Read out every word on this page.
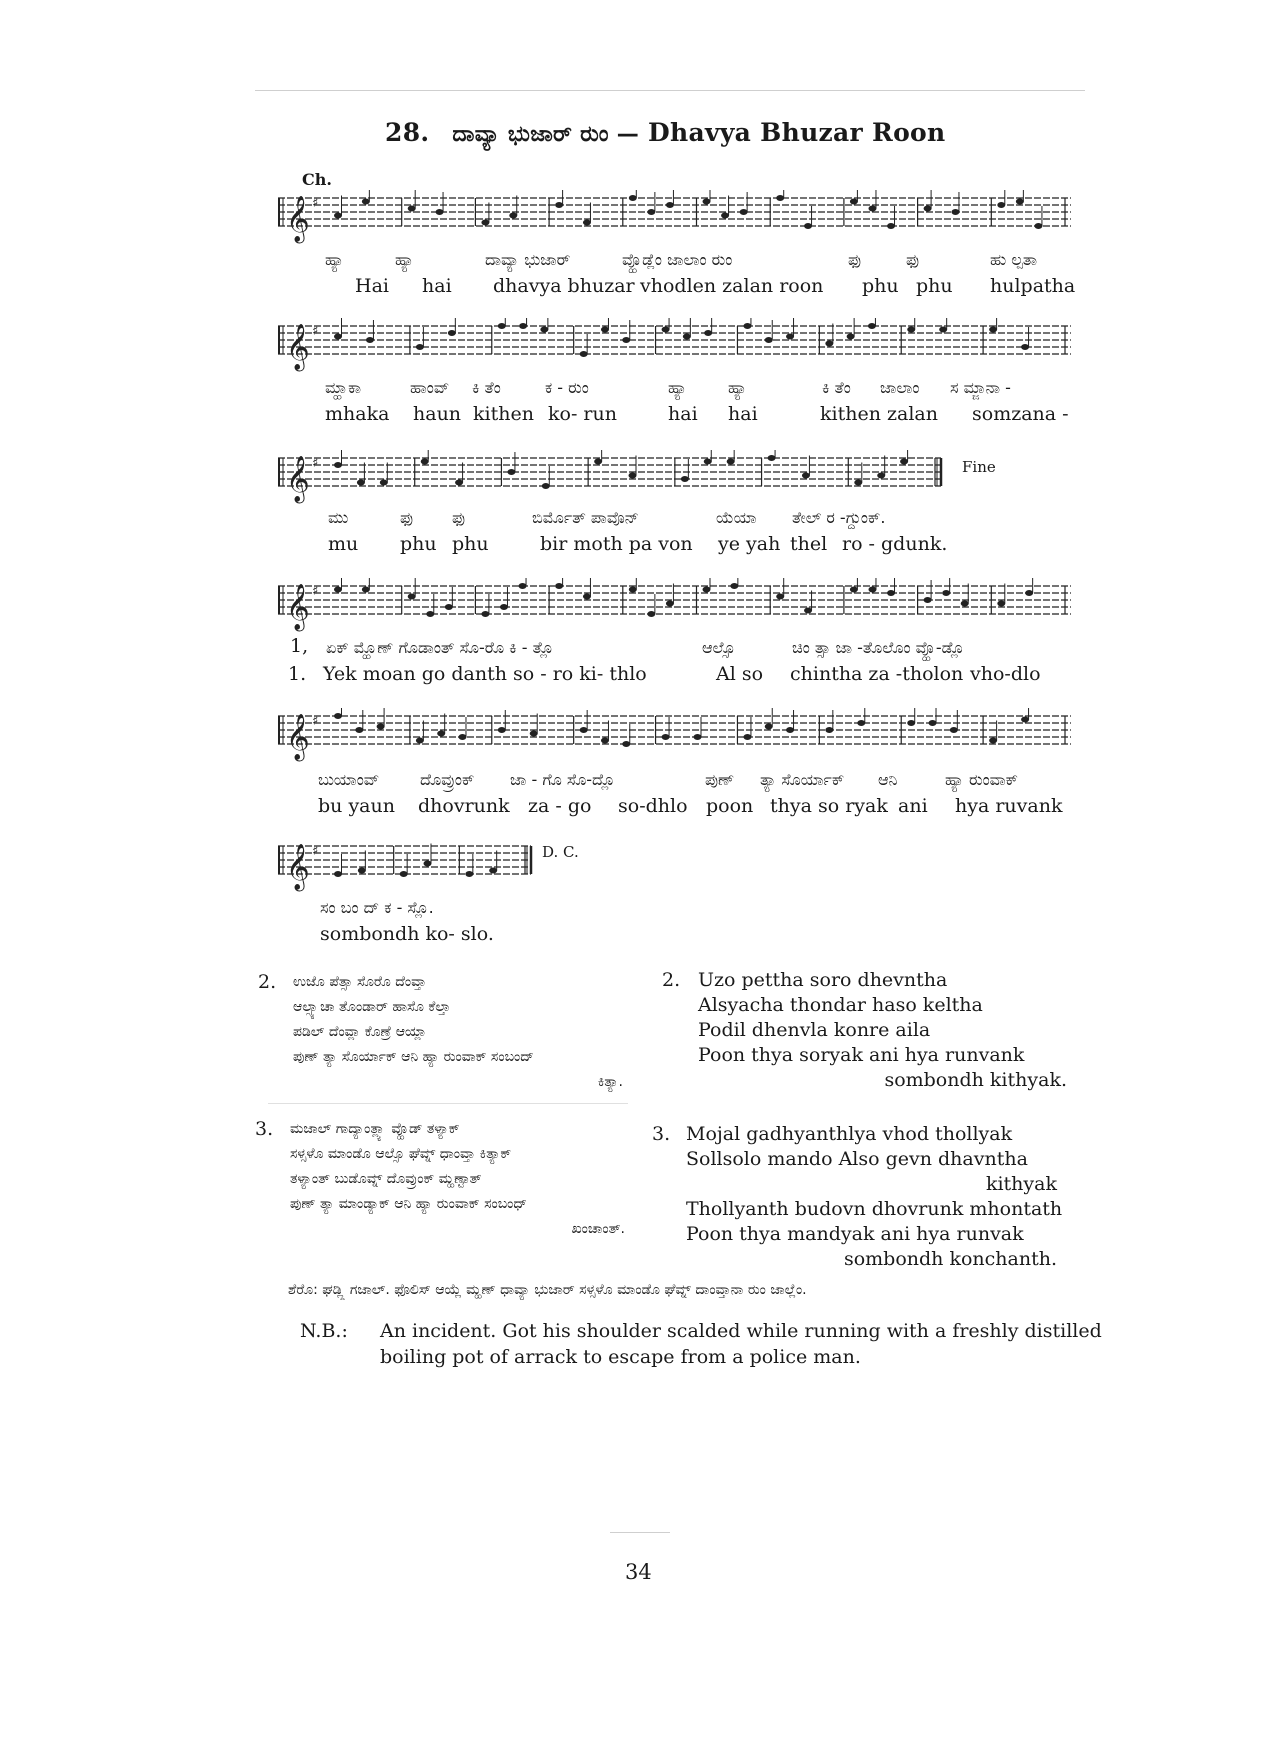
28. ದಾವ್ಯಾ ಭುಜಾರ್ ರುಂ — Dhavya Bhuzar Roon
Ch.
𝄞 ♯
𝄞 ♯
𝄞 ♯
𝄞 ♯
𝄞 ♯
𝄞 ♯
ಹ್ಯಾ	ಹ್ಯಾ	ದಾವ್ಯಾ ಭುಜಾರ್	ವ್ಹೊಡ್ಲೆಂ ಜಾಲಾಂ ರುಂ	ಫು	ಫು	ಹು ಲ್ಪತಾ
Hai hai dhavya bhuzar vhodlen zalan roon phu phu hulpatha
ಮ್ಹಾಕಾ	ಹಾಂವ್ ಕಿ ತೆಂ	ಕ - ರುಂ	ಹ್ಯಾ	ಹ್ಯಾ	ಕಿ ತೆಂ ಜಾಲಾಂ ಸ ಮ್ಜಾನಾ -
mhaka haun kithen ko- run	hai hai	kithen zalan somzana -
Fine
ಮು	ಫು ಫು	ಬಿರ್ಮೊತ್ ಪಾವೊನ್	ಯೆಯಾ ತೇಲ್ ರ -ಗ್ದುಂಕ್.
mu phu phu	bir moth pa von ye yah thel ro - gdunk.
1, ಏಕ್ ಮ್ಹೊಣ್ ಗೊಡಾಂತ್ ಸೊ-ರೊ ಕಿ - ತ್ಲೊ	ಆಲ್ಸೊ	ಚಿಂ ತ್ಸಾ ಜಾ -ತೊಲೊಂ ವ್ಹೊ-ಡ್ಲೊ
1. Yek moan go danth so - ro ki- thlo	Al so chintha za -tholon vho-dlo
ಬುಯಾಂವ್	ದೊವ್ರುಂಕ್ ಜಾ - ಗೊ ಸೊ-ದ್ಲೊ	ಪುಣ್ ತ್ಯಾ ಸೊರ್ಯಾಕ್ ಆನಿ	ಹ್ಯಾ ರುಂವಾಕ್
bu yaun dhovrunk za - go so-dhlo poon thya so ryak ani hya ruvank
D. C.
ಸಂ ಬಂ ದ್ ಕ - ಸ್ಲೊ.
sombondh ko- slo.
2. ಉಜೊ ಪೆತ್ಸಾ ಸೊರೊ ದೆಂವ್ತಾ
ಆಲ್ಸ್ಯಾಚಾ ತೊಂಡಾರ್ ಹಾಸೊ ಕೆಲ್ತಾ
ಪಡಿಲ್ ದೆಂವ್ಲಾ ಕೊಣ್ರೆ ಆಯ್ಲಾ
ಪುಣ್ ತ್ಯಾ ಸೊರ್ಯಾಕ್ ಆನಿ ಹ್ಯಾ ರುಂವಾಕ್ ಸಂಬಂದ್
ಕಿತ್ಯಾ.
2. Uzo pettha soro dhevntha
Alsyacha thondar haso keltha
Podil dhenvla konre aila
Poon thya soryak ani hya runvank
sombondh kithyak.
3. ಮಜಾಲ್ ಗಾದ್ಯಾಂತ್ಲ್ಯಾ ವ್ಹೊಡ್ ತಳ್ಯಾಕ್
ಸಳ್ಸಳೊ ಮಾಂಡೊ ಆಲ್ಸೊ ಘೆವ್ನ್ ಧಾಂವ್ತಾ ಕಿತ್ಯಾಕ್
ತಳ್ಯಾಂತ್ ಬುಡೊವ್ನ್ ದೊವ್ರುಂಕ್ ಮ್ಹಣ್ಟಾತ್
ಪುಣ್ ತ್ಯಾ ಮಾಂಡ್ಯಾಕ್ ಆನಿ ಹ್ಯಾ ರುಂವಾಕ್ ಸಂಬಂಧ್
ಖಂಚಾಂತ್.
3. Mojal gadhyanthlya vhod thollyak
Sollsolo mando Also gevn dhavntha
kithyak
Thollyanth budovn dhovrunk mhontath
Poon thya mandyak ani hya runvak
sombondh konchanth.
ಶೆರೊ: ಘಡ್ಲ್ಲಿ ಗಜಾಲ್. ಫೊಲಿಸ್ ಆಯ್ಲೆ ಮ್ಹಣ್ ಧಾವ್ಯಾ ಭುಜಾರ್ ಸಳ್ಸಳೊ ಮಾಂಡೊ ಘೆವ್ನ್ ದಾಂವ್ತಾನಾ ರುಂ ಜಾಲ್ಲೆಂ.
N.B.: An incident. Got his shoulder scalded while running with a freshly distilled boiling pot of arrack to escape from a police man.
34
